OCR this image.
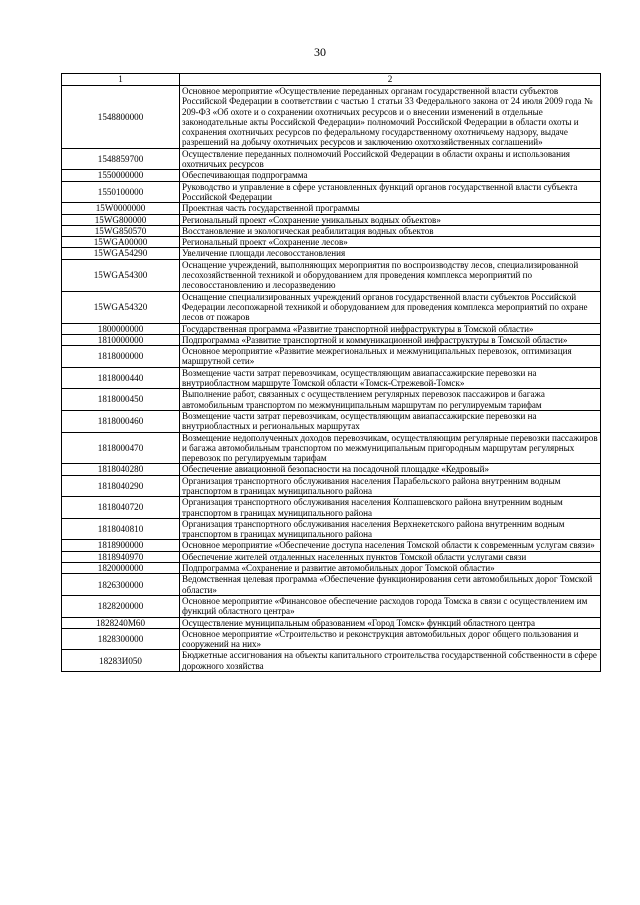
30
1	2
1548800000	Основное мероприятие «Осуществление переданных органам государственной власти субъектов Российской Федерации в соответствии с частью 1 статьи 33 Федерального закона от 24 июля 2009 года № 209-ФЗ «Об охоте и о сохранении охотничьих ресурсов и о внесении изменений в отдельные законодательные акты Российской Федерации» полномочий Российской Федерации в области охоты и сохранения охотничьих ресурсов по федеральному государственному охотничьему надзору, выдаче разрешений на добычу охотничьих ресурсов и заключению охотхозяйственных соглашений»
1548859700	Осуществление переданных полномочий Российской Федерации в области охраны и использования охотничьих ресурсов
1550000000	Обеспечивающая подпрограмма
1550100000	Руководство и управление в сфере установленных функций органов государственной власти субъекта Российской Федерации
15W0000000	Проектная часть государственной программы
15WG800000	Региональный проект «Сохранение уникальных водных объектов»
15WG850570	Восстановление и экологическая реабилитация водных объектов
15WGA00000	Региональный проект «Сохранение лесов»
15WGA54290	Увеличение площади лесовосстановления
15WGA54300	Оснащение учреждений, выполняющих мероприятия по воспроизводству лесов, специализированной лесохозяйственной техникой и оборудованием для проведения комплекса мероприятий по лесовосстановлению и лесоразведению
15WGA54320	Оснащение специализированных учреждений органов государственной власти субъектов Российской Федерации лесопожарной техникой и оборудованием для проведения комплекса мероприятий по охране лесов от пожаров
1800000000	Государственная программа «Развитие транспортной инфраструктуры в Томской области»
1810000000	Подпрограмма «Развитие транспортной и коммуникационной инфраструктуры в Томской области»
1818000000	Основное мероприятие «Развитие межрегиональных и межмуниципальных перевозок, оптимизация маршрутной сети»
1818000440	Возмещение части затрат перевозчикам, осуществляющим авиапассажирские перевозки на внутриобластном маршруте Томской области «Томск-Стрежевой-Томск»
1818000450	Выполнение работ, связанных с осуществлением регулярных перевозок пассажиров и багажа автомобильным транспортом по межмуниципальным маршрутам по регулируемым тарифам
1818000460	Возмещение части затрат перевозчикам, осуществляющим авиапассажирские перевозки на внутриобластных и региональных маршрутах
1818000470	Возмещение недополученных доходов перевозчикам, осуществляющим регулярные перевозки пассажиров и багажа автомобильным транспортом по межмуниципальным пригородным маршрутам регулярных перевозок по регулируемым тарифам
1818040280	Обеспечение авиационной безопасности на посадочной площадке «Кедровый»
1818040290	Организация транспортного обслуживания населения Парабельского района внутренним водным транспортом в границах муниципального района
1818040720	Организация транспортного обслуживания населения Колпашевского района внутренним водным транспортом в границах муниципального района
1818040810	Организация транспортного обслуживания населения Верхнекетского района внутренним водным транспортом в границах муниципального района
1818900000	Основное мероприятие «Обеспечение доступа населения Томской области к современным услугам связи»
1818940970	Обеспечение жителей отдаленных населенных пунктов Томской области услугами связи
1820000000	Подпрограмма «Сохранение и развитие автомобильных дорог Томской области»
1826300000	Ведомственная целевая программа «Обеспечение функционирования сети автомобильных дорог Томской области»
1828200000	Основное мероприятие «Финансовое обеспечение расходов города Томска в связи с осуществлением им функций областного центра»
1828240М60	Осуществление муниципальным образованием «Город Томск» функций областного центра
1828300000	Основное мероприятие «Строительство и реконструкция автомобильных дорог общего пользования и сооружений на них»
18283И050	Бюджетные ассигнования на объекты капитального строительства государственной собственности в сфере дорожного хозяйства
